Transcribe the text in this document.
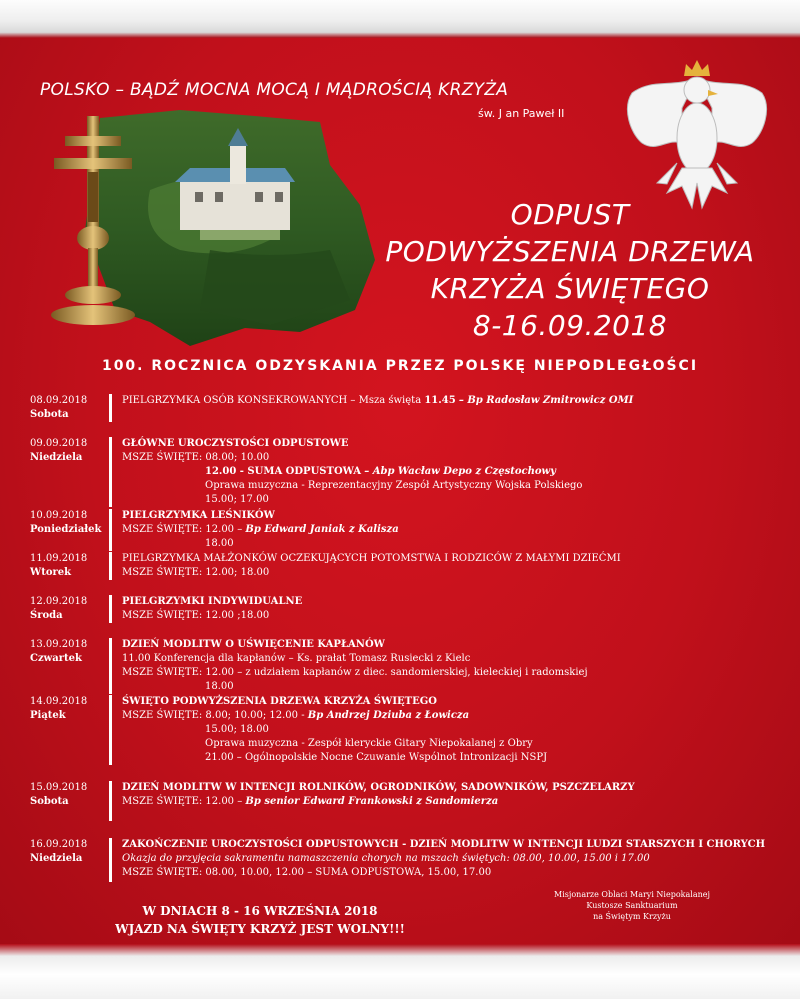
POLSKO – BĄDŹ MOCNA MOCĄ I MĄDROŚCIĄ KRZYŻA
św. J an Paweł II
ODPUST
PODWYŻSZENIA DRZEWA
KRZYŻA ŚWIĘTEGO
8-16.09.2018
100. ROCZNICA ODZYSKANIA PRZEZ POLSKĘ NIEPODLEGŁOŚCI
08.09.2018
Sobota
PIELGRZYMKA OSÓB KONSEKROWANYCH – Msza święta 11.45 – Bp Radosław Zmitrowicz OMI
09.09.2018
Niedziela
GŁÓWNE UROCZYSTOŚCI ODPUSTOWE
MSZE ŚWIĘTE: 08.00; 10.00
12.00 - SUMA ODPUSTOWA – Abp Wacław Depo z Częstochowy
Oprawa muzyczna - Reprezentacyjny Zespół Artystyczny Wojska Polskiego
15.00; 17.00
10.09.2018
Poniedziałek
PIELGRZYMKA LEŚNIKÓW
MSZE ŚWIĘTE: 12.00 – Bp Edward Janiak z Kalisza
18.00
11.09.2018
Wtorek
PIELGRZYMKA MAŁŻONKÓW OCZEKUJĄCYCH POTOMSTWA I RODZICÓW Z MAŁYMI DZIEĆMI
MSZE ŚWIĘTE: 12.00; 18.00
12.09.2018
Środa
PIELGRZYMKI INDYWIDUALNE
MSZE ŚWIĘTE: 12.00 ;18.00
13.09.2018
Czwartek
DZIEŃ MODLITW O UŚWIĘCENIE KAPŁANÓW
11.00 Konferencja dla kapłanów – Ks. prałat Tomasz Rusiecki z Kielc
MSZE ŚWIĘTE: 12.00 – z udziałem kapłanów z diec. sandomierskiej, kieleckiej i radomskiej
18.00
14.09.2018
Piątek
ŚWIĘTO PODWYŻSZENIA DRZEWA KRZYŻA ŚWIĘTEGO
MSZE ŚWIĘTE: 8.00; 10.00; 12.00 - Bp Andrzej Dziuba z Łowicza
15.00; 18.00
Oprawa muzyczna - Zespół kleryckie Gitary Niepokalanej z Obry
21.00 – Ogólnopolskie Nocne Czuwanie Wspólnot Intronizacji NSPJ
15.09.2018
Sobota
DZIEŃ MODLITW W INTENCJI ROLNIKÓW, OGRODNIKÓW, SADOWNIKÓW, PSZCZELARZY
MSZE ŚWIĘTE: 12.00 – Bp senior Edward Frankowski z Sandomierza
16.09.2018
Niedziela
ZAKOŃCZENIE UROCZYSTOŚCI ODPUSTOWYCH - DZIEŃ MODLITW W INTENCJI LUDZI STARSZYCH I CHORYCH
Okazja do przyjęcia sakramentu namaszczenia chorych na mszach świętych: 08.00, 10.00, 15.00 i 17.00
MSZE ŚWIĘTE: 08.00, 10.00, 12.00 – SUMA ODPUSTOWA, 15.00, 17.00
W DNIACH 8 - 16 WRZEŚNIA 2018
WJAZD NA ŚWIĘTY KRZYŻ JEST WOLNY!!!
Misjonarze Oblaci Maryi Niepokalanej
Kustosze Sanktuarium
na Świętym Krzyżu
